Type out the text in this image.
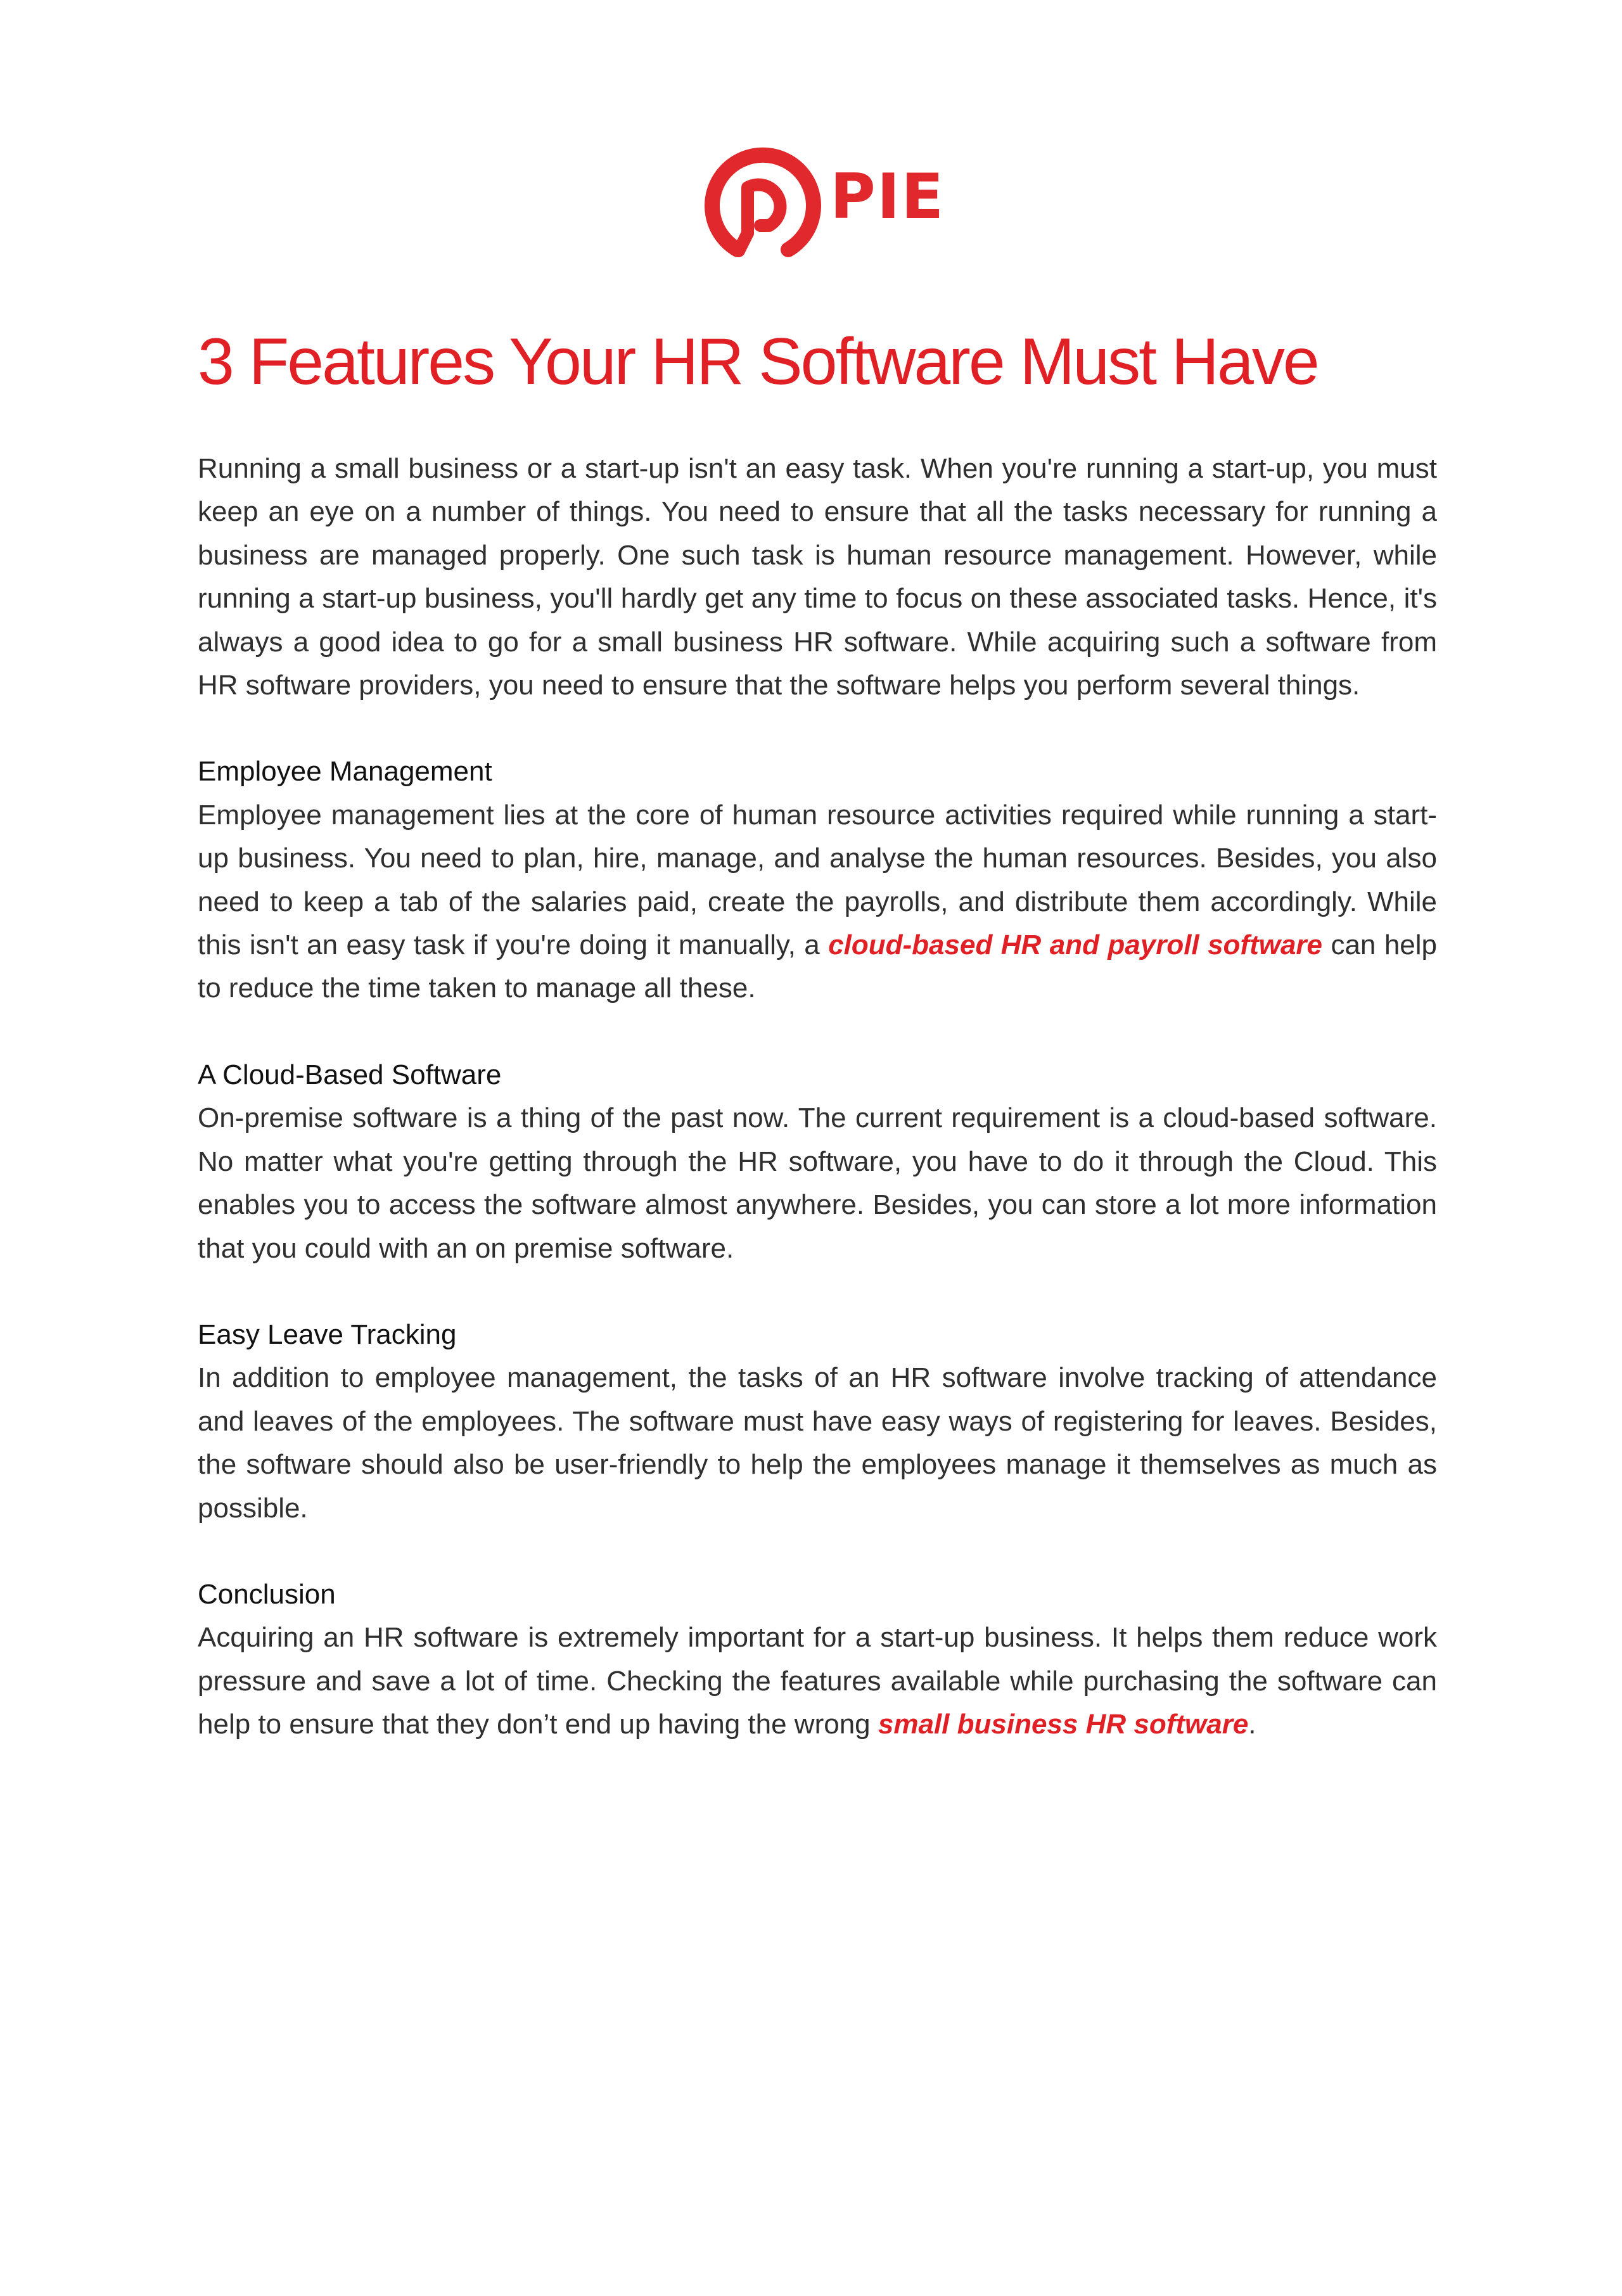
PIE
3 Features Your HR Software Must Have

Running a small business or a start-up isn't an easy task. When you're running a start-up, you must keep an eye on a number of things. You need to ensure that all the tasks necessary for running a business are managed properly. One such task is human resource management. However, while running a start-up business, you'll hardly get any time to focus on these associated tasks. Hence, it's always a good idea to go for a small business HR software. While acquiring such a software from HR software providers, you need to ensure that the software helps you perform several things.

Employee Management

Employee management lies at the core of human resource activities required while running a start-up business. You need to plan, hire, manage, and analyse the human resources. Besides, you also need to keep a tab of the salaries paid, create the payrolls, and distribute them accordingly. While this isn't an easy task if you're doing it manually, a cloud-based HR and payroll software can help to reduce the time taken to manage all these.

A Cloud-Based Software

On-premise software is a thing of the past now. The current requirement is a cloud-based software. No matter what you're getting through the HR software, you have to do it through the Cloud. This enables you to access the software almost anywhere. Besides, you can store a lot more information that you could with an on premise software.

Easy Leave Tracking

In addition to employee management, the tasks of an HR software involve tracking of attendance and leaves of the employees. The software must have easy ways of registering for leaves. Besides, the software should also be user-friendly to help the employees manage it themselves as much as possible.

Conclusion

Acquiring an HR software is extremely important for a start-up business. It helps them reduce work pressure and save a lot of time. Checking the features available while purchasing the software can help to ensure that they don’t end up having the wrong small business HR software.
